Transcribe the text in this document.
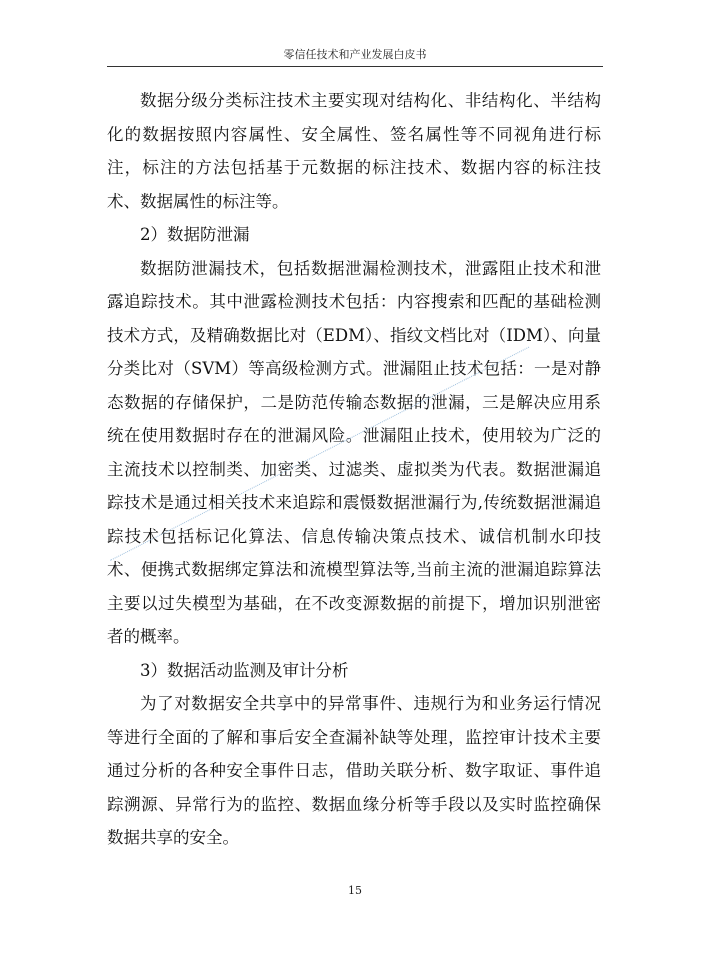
零信任技术和产业发展白皮书

数据分级分类标注技术主要实现对结构化、非结构化、半结构化的数据按照内容属性、安全属性、签名属性等不同视角进行标注，标注的方法包括基于元数据的标注技术、数据内容的标注技术、数据属性的标注等。

2）数据防泄漏

数据防泄漏技术，包括数据泄漏检测技术，泄露阻止技术和泄露追踪技术。其中泄露检测技术包括：内容搜索和匹配的基础检测技术方式，及精确数据比对（EDM）、指纹文档比对（IDM）、向量分类比对（SVM）等高级检测方式。泄漏阻止技术包括：一是对静态数据的存储保护，二是防范传输态数据的泄漏，三是解决应用系统在使用数据时存在的泄漏风险。泄漏阻止技术，使用较为广泛的主流技术以控制类、加密类、过滤类、虚拟类为代表。数据泄漏追踪技术是通过相关技术来追踪和震慑数据泄漏行为,传统数据泄漏追踪技术包括标记化算法、信息传输决策点技术、诚信机制水印技术、便携式数据绑定算法和流模型算法等,当前主流的泄漏追踪算法主要以过失模型为基础，在不改变源数据的前提下，增加识别泄密者的概率。

3）数据活动监测及审计分析

为了对数据安全共享中的异常事件、违规行为和业务运行情况等进行全面的了解和事后安全查漏补缺等处理，监控审计技术主要通过分析的各种安全事件日志，借助关联分析、数字取证、事件追踪溯源、异常行为的监控、数据血缘分析等手段以及实时监控确保数据共享的安全。

15
